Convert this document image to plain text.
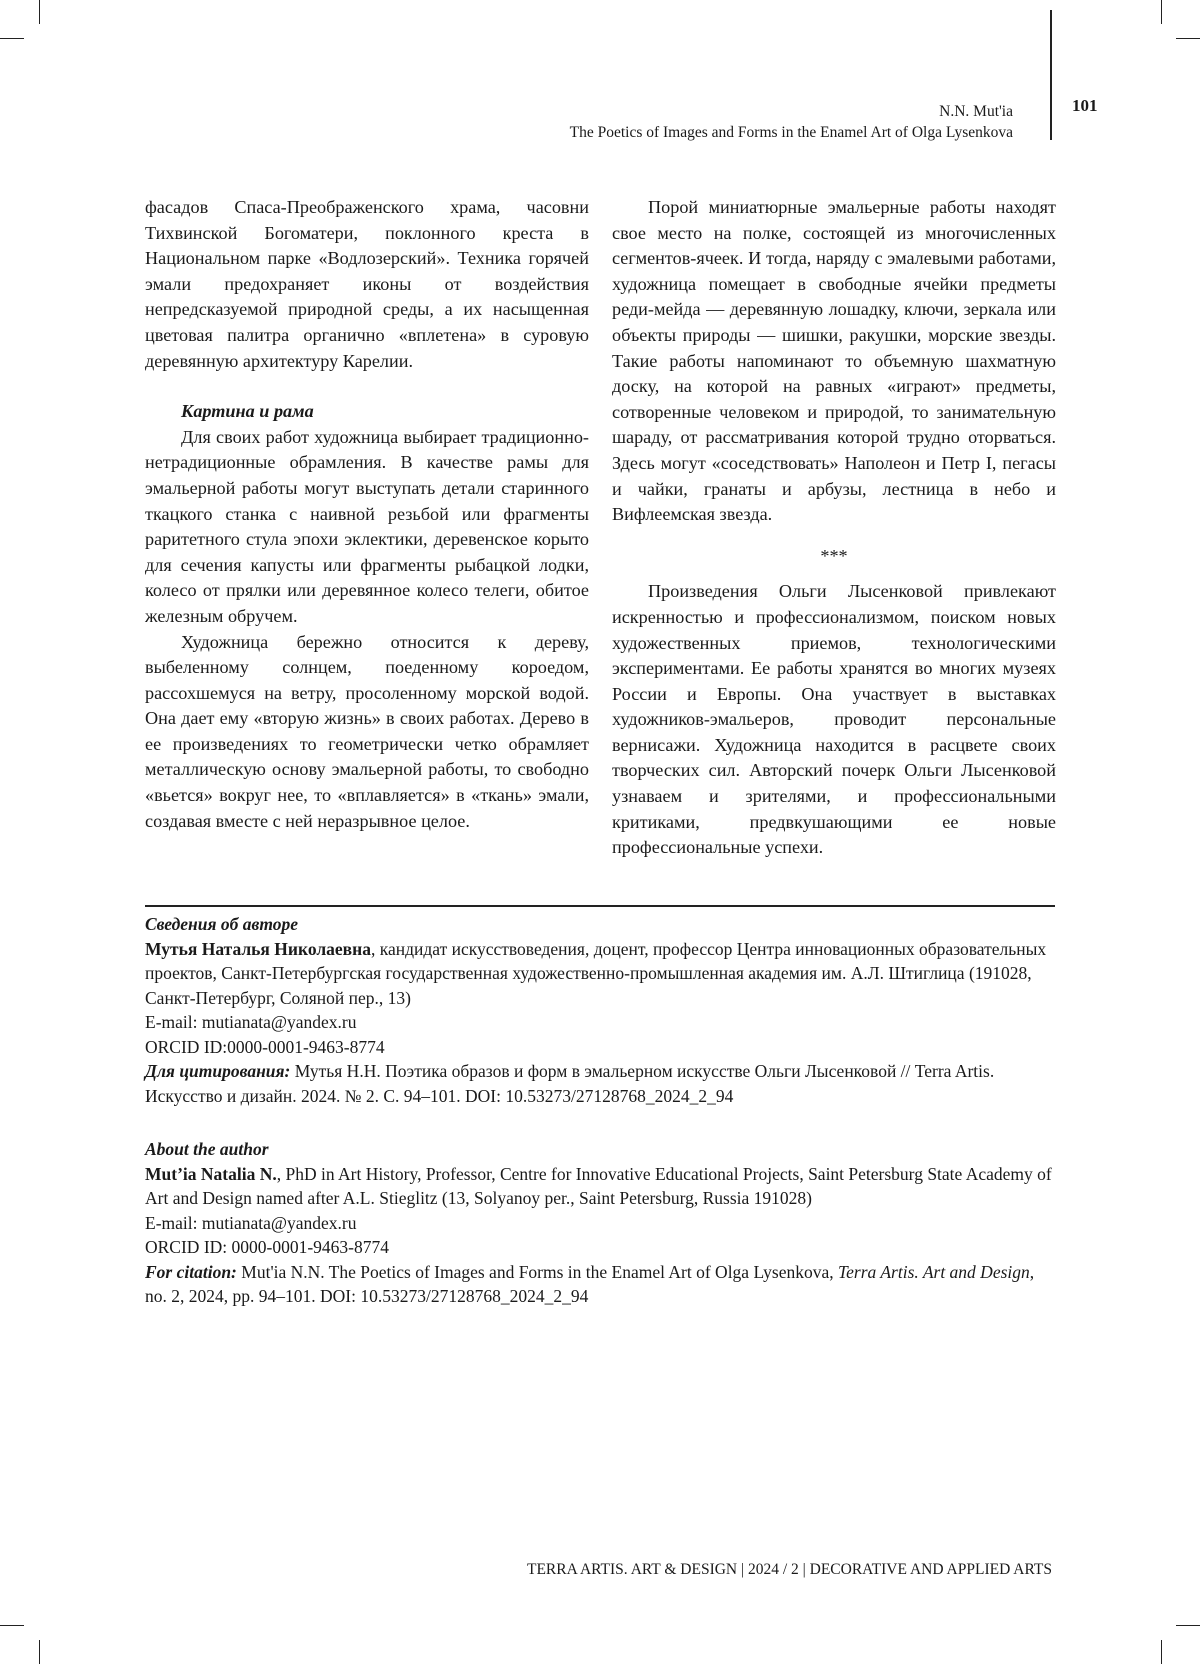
N.N. Mut'ia
The Poetics of Images and Forms in the Enamel Art of Olga Lysenkova
101

фасадов Спаса-Преображенского храма, часовни Тихвинской Богоматери, поклонного креста в Национальном парке «Водлозерский». Техника горячей эмали предохраняет иконы от воздействия непредсказуемой природной среды, а их насыщенная цветовая палитра органично «вплетена» в суровую деревянную архитектуру Карелии.

Картина и рама

Для своих работ художница выбирает традиционно-нетрадиционные обрамления. В качестве рамы для эмальерной работы могут выступать детали старинного ткацкого станка с наивной резьбой или фрагменты раритетного стула эпохи эклектики, деревенское корыто для сечения капусты или фрагменты рыбацкой лодки, колесо от прялки или деревянное колесо телеги, обитое железным обручем.

Художница бережно относится к дереву, выбеленному солнцем, поеденному короедом, рассохшемуся на ветру, просоленному морской водой. Она дает ему «вторую жизнь» в своих работах. Дерево в ее произведениях то геометрически четко обрамляет металлическую основу эмальерной работы, то свободно «вьется» вокруг нее, то «вплавляется» в «ткань» эмали, создавая вместе с ней неразрывное целое.

Порой миниатюрные эмальерные работы находят свое место на полке, состоящей из многочисленных сегментов-ячеек. И тогда, наряду с эмалевыми работами, художница помещает в свободные ячейки предметы реди-мейда — деревянную лошадку, ключи, зеркала или объекты природы — шишки, ракушки, морские звезды. Такие работы напоминают то объемную шахматную доску, на которой на равных «играют» предметы, сотворенные человеком и природой, то занимательную шараду, от рассматривания которой трудно оторваться. Здесь могут «соседствовать» Наполеон и Петр I, пегасы и чайки, гранаты и арбузы, лестница в небо и Вифлеемская звезда.

***

Произведения Ольги Лысенковой привлекают искренностью и профессионализмом, поиском новых художественных приемов, технологическими экспериментами. Ее работы хранятся во многих музеях России и Европы. Она участвует в выставках художников-эмальеров, проводит персональные вернисажи. Художница находится в расцвете своих творческих сил. Авторский почерк Ольги Лысенковой узнаваем и зрителями, и профессиональными критиками, предвкушающими ее новые профессиональные успехи.

Сведения об авторе

Мутья Наталья Николаевна, кандидат искусствоведения, доцент, профессор Центра инновационных образовательных проектов, Санкт-Петербургская государственная художественно-промышленная академия им. А.Л. Штиглица (191028, Санкт-Петербург, Соляной пер., 13)

E-mail: mutianata@yandex.ru

ORCID ID:0000-0001-9463-8774

Для цитирования: Мутья Н.Н. Поэтика образов и форм в эмальерном искусстве Ольги Лысенковой // Terra Artis. Искусство и дизайн. 2024. № 2. С. 94–101. DOI: 10.53273/27128768_2024_2_94

About the author

Mut’ia Natalia N., PhD in Art History, Professor, Centre for Innovative Educational Projects, Saint Petersburg State Academy of Art and Design named after A.L. Stieglitz (13, Solyanoy per., Saint Petersburg, Russia 191028)

E-mail: mutianata@yandex.ru

ORCID ID: 0000-0001-9463-8774

For citation: Mut'ia N.N. The Poetics of Images and Forms in the Enamel Art of Olga Lysenkova, Terra Artis. Art and Design, no. 2, 2024, pp. 94–101. DOI: 10.53273/27128768_2024_2_94

TERRA ARTIS. ART & DESIGN | 2024 / 2 | DECORATIVE AND APPLIED ARTS
